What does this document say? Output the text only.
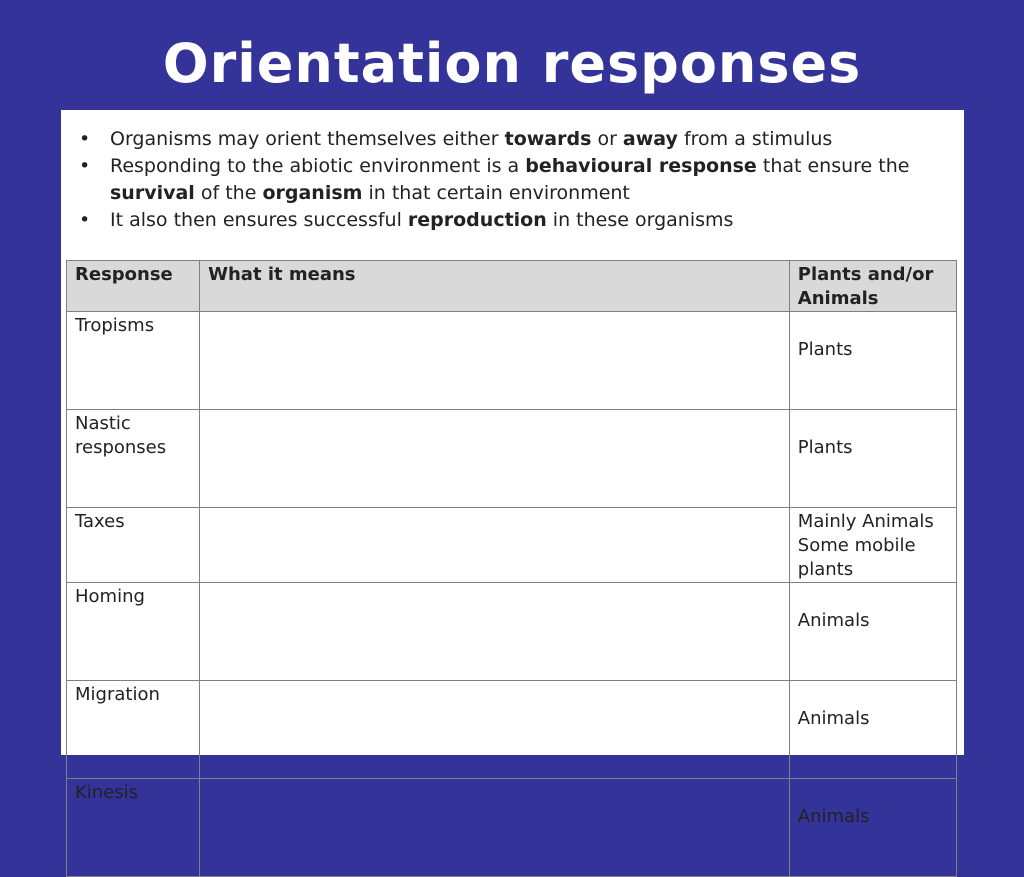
Orientation responses
• Organisms may orient themselves either towards or away from a stimulus
• Responding to the abiotic environment is a behavioural response that ensure the survival of the organism in that certain environment
• It also then ensures successful reproduction in these organisms
Response	What it means	Plants and/or Animals
Tropisms		Plants
Nastic responses		Plants
Taxes		Mainly Animals Some mobile plants
Homing		Animals
Migration		Animals
Kinesis		Animals
